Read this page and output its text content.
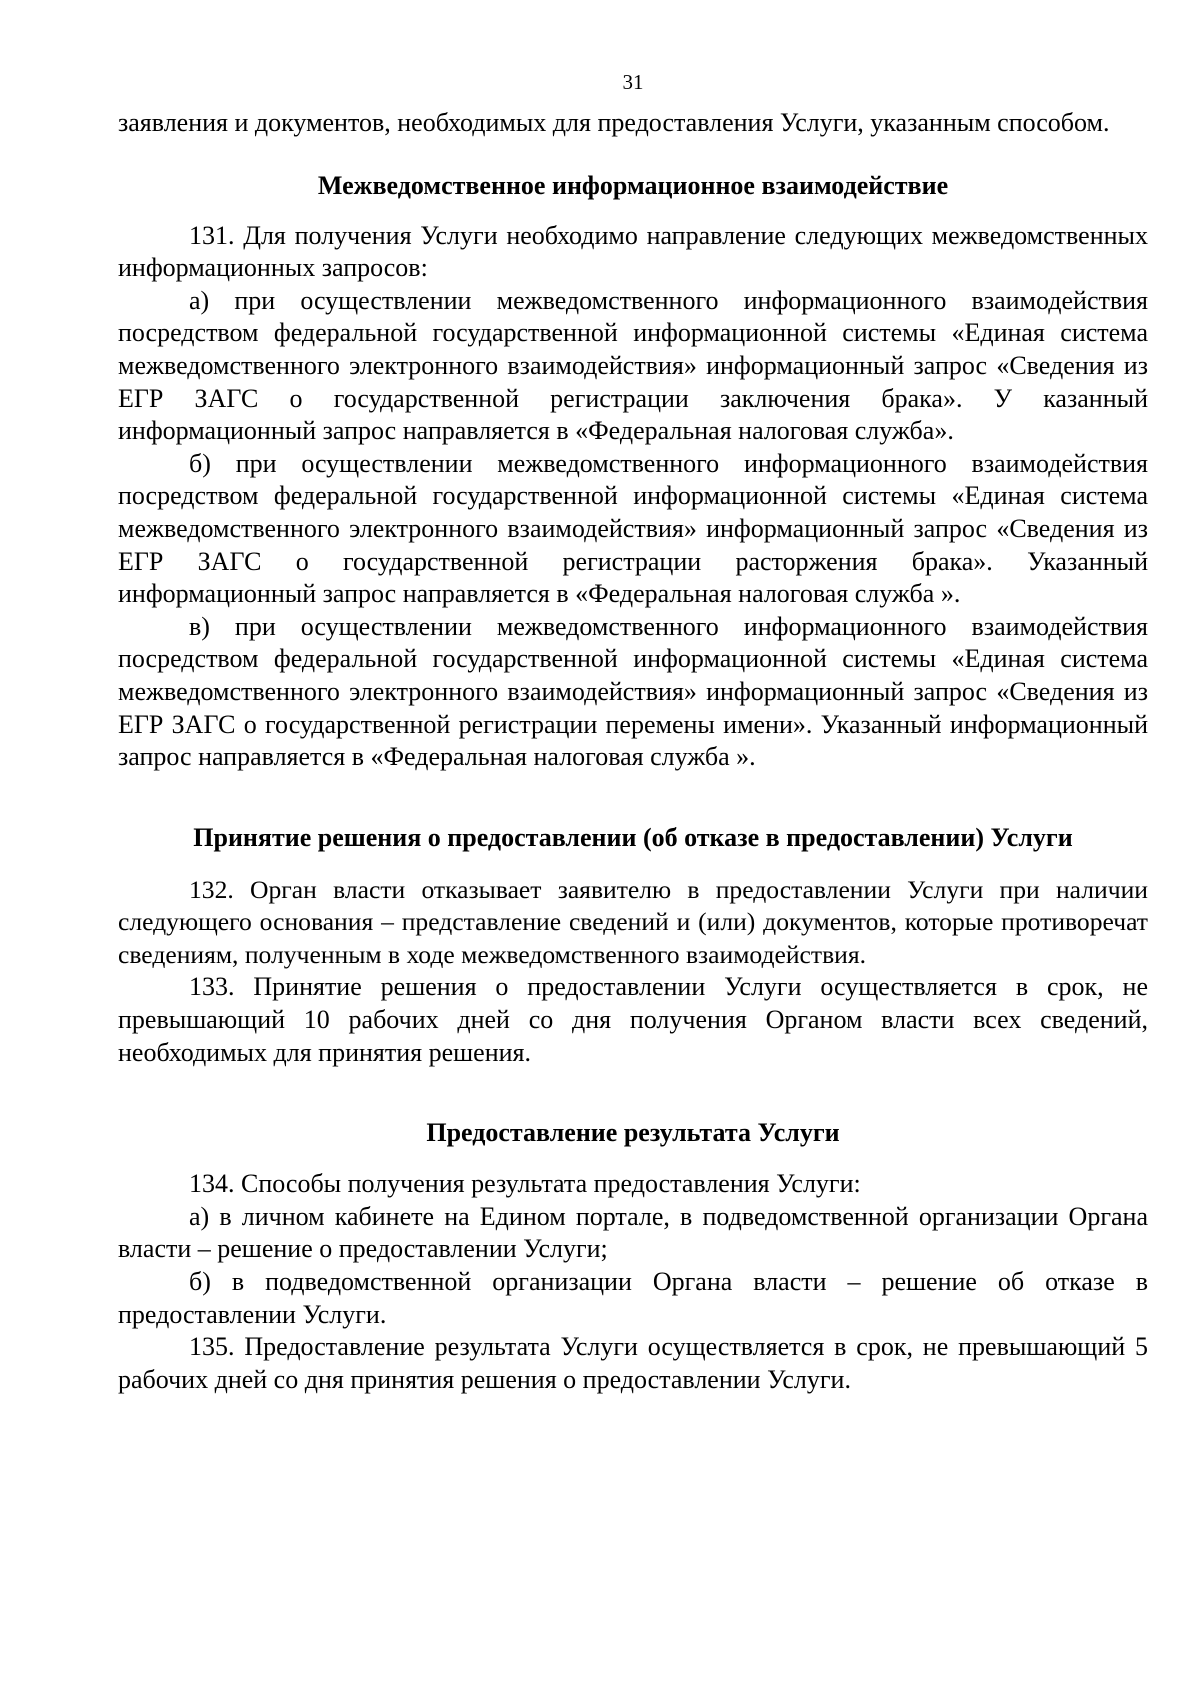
31

заявления и документов, необходимых для предоставления Услуги, указанным способом.

Межведомственное информационное взаимодействие

131. Для получения Услуги необходимо направление следующих межведомственных информационных запросов:

а) при осуществлении межведомственного информационного взаимодействия посредством федеральной государственной информационной системы «Единая система межведомственного электронного взаимодействия» информационный запрос «Сведения из ЕГР ЗАГС о государственной регистрации заключения брака». У казанный информационный запрос направляется в «Федеральная налоговая служба».

б) при осуществлении межведомственного информационного взаимодействия посредством федеральной государственной информационной системы «Единая система межведомственного электронного взаимодействия» информационный запрос «Сведения из ЕГР ЗАГС о государственной регистрации расторжения брака». Указанный информационный запрос направляется в «Федеральная налоговая служба ».

в) при осуществлении межведомственного информационного взаимодействия посредством федеральной государственной информационной системы «Единая система межведомственного электронного взаимодействия» информационный запрос «Сведения из ЕГР ЗАГС о государственной регистрации перемены имени». Указанный информационный запрос направляется в «Федеральная налоговая служба ».

Принятие решения о предоставлении (об отказе в предоставлении) Услуги

132. Орган власти отказывает заявителю в предоставлении Услуги при наличии следующего основания – представление сведений и (или) документов, которые противоречат сведениям, полученным в ходе межведомственного взаимодействия.

133. Принятие решения о предоставлении Услуги осуществляется в срок, не превышающий 10 рабочих дней со дня получения Органом власти всех сведений, необходимых для принятия решения.

Предоставление результата Услуги

134. Способы получения результата предоставления Услуги:

а) в личном кабинете на Едином портале, в подведомственной организации Органа власти – решение о предоставлении Услуги;

б) в подведомственной организации Органа власти – решение об отказе в предоставлении Услуги.

135. Предоставление результата Услуги осуществляется в срок, не превышающий 5 рабочих дней со дня принятия решения о предоставлении Услуги.
